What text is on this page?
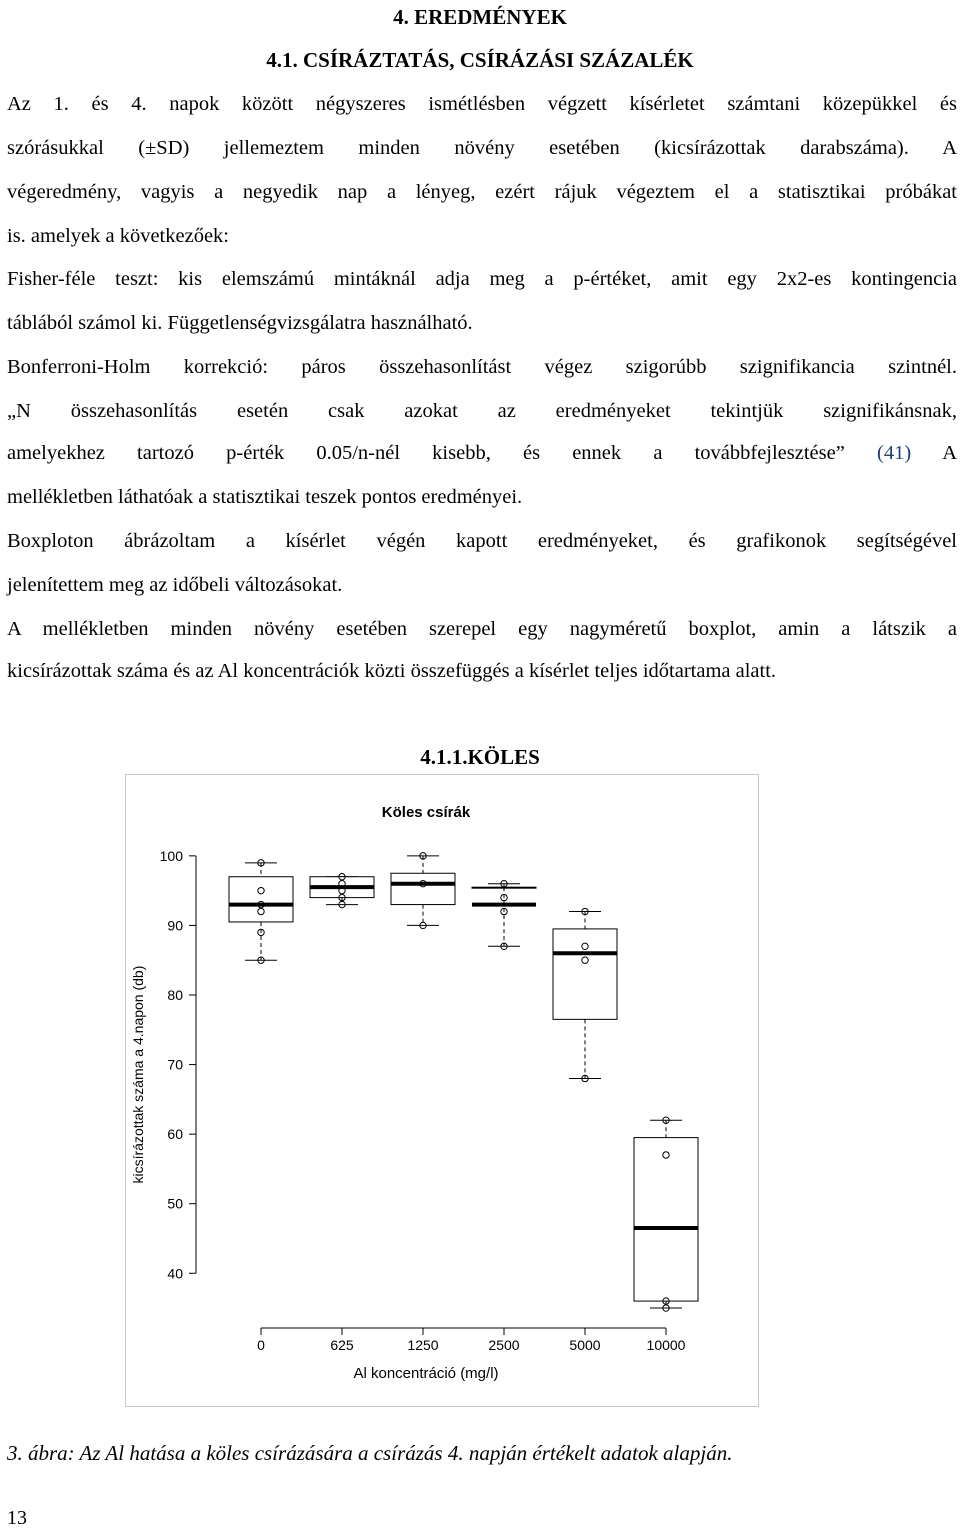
4. EREDMÉNYEK
4.1. CSÍRÁZTATÁS, CSÍRÁZÁSI SZÁZALÉK
Az 1. és 4. napok között négyszeres ismétlésben végzett kísérletet számtani közepükkel és
szórásukkal (±SD) jellemeztem minden növény esetében (kicsírázottak darabszáma). A
végeredmény, vagyis a negyedik nap a lényeg, ezért rájuk végeztem el a statisztikai próbákat
is. amelyek a következőek:
Fisher-féle teszt: kis elemszámú mintáknál adja meg a p-értéket, amit egy 2x2-es kontingencia
táblából számol ki. Függetlenségvizsgálatra használható.
Bonferroni-Holm korrekció: páros összehasonlítást végez szigorúbb szignifikancia szintnél.
„N összehasonlítás esetén csak azokat az eredményeket tekintjük szignifikánsnak,
amelyekhez tartozó p-érték 0.05/n-nél kisebb, és ennek a továbbfejlesztése” (41) A
mellékletben láthatóak a statisztikai teszek pontos eredményei.
Boxploton ábrázoltam a kísérlet végén kapott eredményeket, és grafikonok segítségével
jelenítettem meg az időbeli változásokat.
A mellékletben minden növény esetében szerepel egy nagyméretű boxplot, amin a látszik a
kicsírázottak száma és az Al koncentrációk közti összefüggés a kísérlet teljes időtartama alatt.
4.1.1.KÖLES
Köles csírák
40
50
60
70
80
90
100
kicsírázottak száma a 4.napon (db)
0	625	1250	2500	5000	10000
Al koncentráció (mg/l)
3. ábra: Az Al hatása a köles csírázására a csírázás 4. napján értékelt adatok alapján.
13
